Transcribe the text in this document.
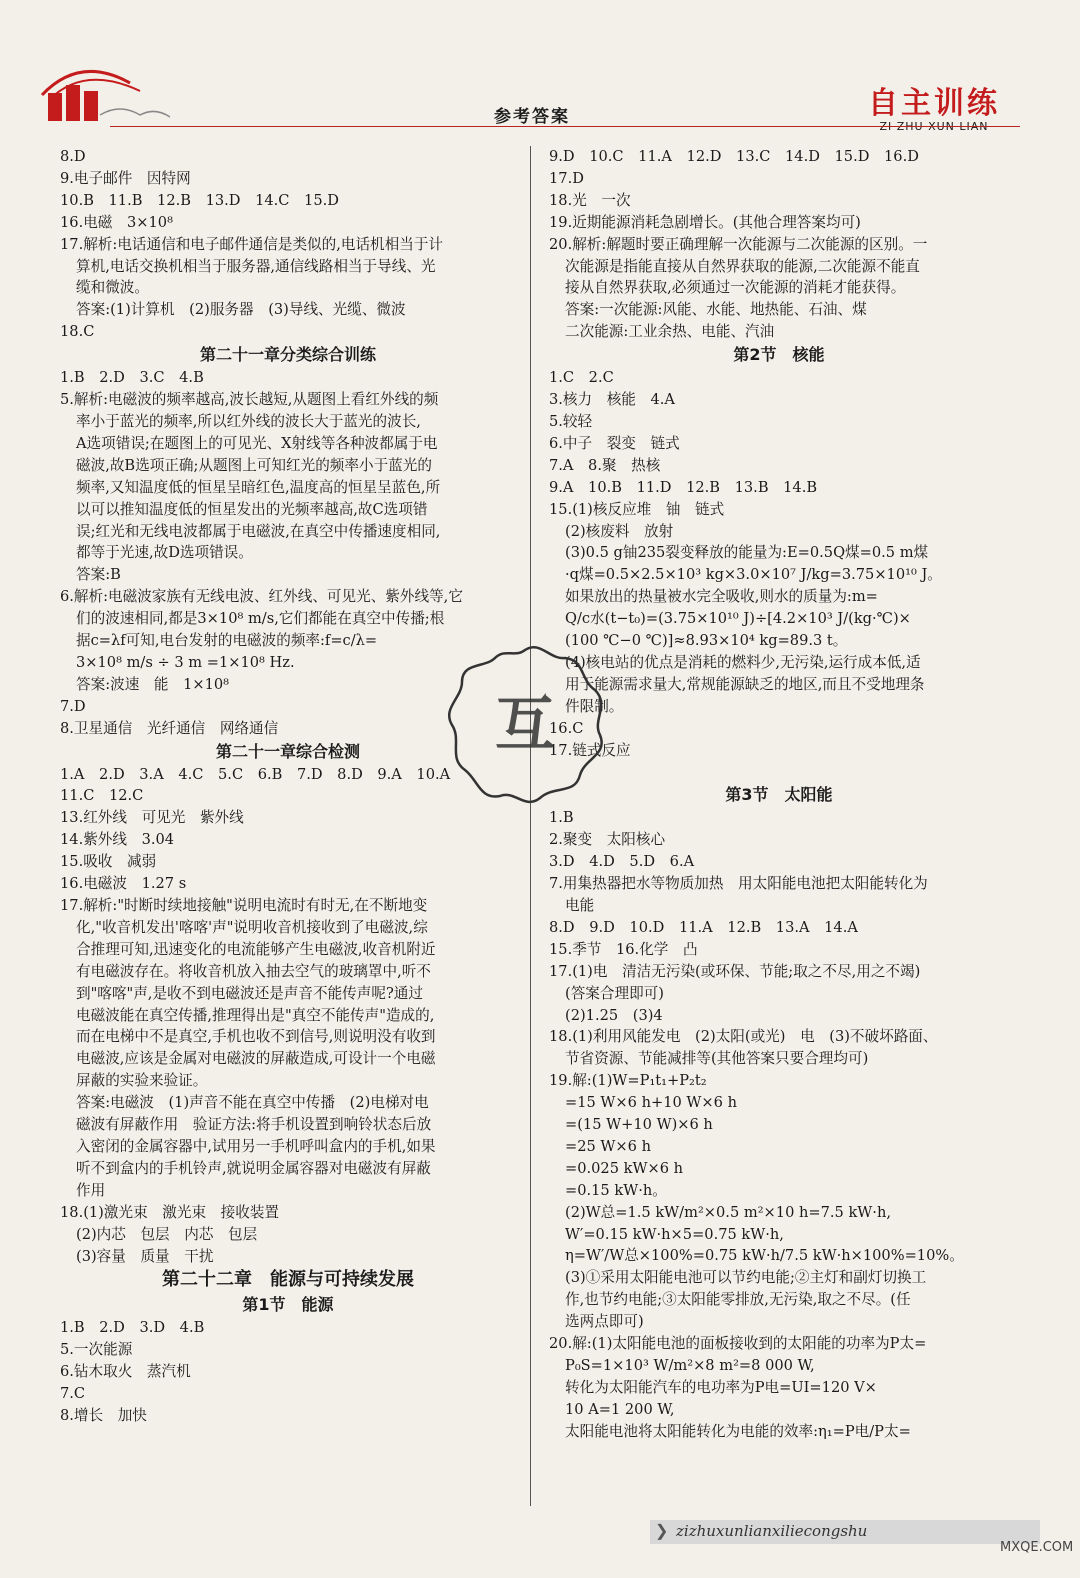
参考答案	自主训练
ZI ZHU XUN LIAN
8.D
9.电子邮件　因特网
10.B　11.B　12.B　13.D　14.C　15.D
16.电磁　3×10⁸
17.解析:电话通信和电子邮件通信是类似的,电话机相当于计
算机,电话交换机相当于服务器,通信线路相当于导线、光
缆和微波。
答案:(1)计算机　(2)服务器　(3)导线、光缆、微波
18.C
第二十一章分类综合训练
1.B　2.D　3.C　4.B
5.解析:电磁波的频率越高,波长越短,从题图上看红外线的频
率小于蓝光的频率,所以红外线的波长大于蓝光的波长,
A选项错误;在题图上的可见光、X射线等各种波都属于电
磁波,故B选项正确;从题图上可知红光的频率小于蓝光的
频率,又知温度低的恒星呈暗红色,温度高的恒星呈蓝色,所
以可以推知温度低的恒星发出的光频率越高,故C选项错
误;红光和无线电波都属于电磁波,在真空中传播速度相同,
都等于光速,故D选项错误。
答案:B
6.解析:电磁波家族有无线电波、红外线、可见光、紫外线等,它
们的波速相同,都是3×10⁸ m/s,它们都能在真空中传播;根
据c=λf可知,电台发射的电磁波的频率:f=c/λ=
3×10⁸ m/s ÷ 3 m =1×10⁸ Hz.
答案:波速　能　1×10⁸
7.D
8.卫星通信　光纤通信　网络通信
第二十一章综合检测
1.A　2.D　3.A　4.C　5.C　6.B　7.D　8.D　9.A　10.A
11.C　12.C
13.红外线　可见光　紫外线
14.紫外线　3.04
15.吸收　减弱
16.电磁波　1.27 s
17.解析:"时断时续地接触"说明电流时有时无,在不断地变
化,"收音机发出'喀喀'声"说明收音机接收到了电磁波,综
合推理可知,迅速变化的电流能够产生电磁波,收音机附近
有电磁波存在。将收音机放入抽去空气的玻璃罩中,听不
到"喀喀"声,是收不到电磁波还是声音不能传声呢?通过
电磁波能在真空传播,推理得出是"真空不能传声"造成的,
而在电梯中不是真空,手机也收不到信号,则说明没有收到
电磁波,应该是金属对电磁波的屏蔽造成,可设计一个电磁
屏蔽的实验来验证。
答案:电磁波　(1)声音不能在真空中传播　(2)电梯对电
磁波有屏蔽作用　验证方法:将手机设置到响铃状态后放
入密闭的金属容器中,试用另一手机呼叫盒内的手机,如果
听不到盒内的手机铃声,就说明金属容器对电磁波有屏蔽
作用
18.(1)激光束　激光束　接收装置
(2)内芯　包层　内芯　包层
(3)容量　质量　干扰
第二十二章　能源与可持续发展
第1节　能源
1.B　2.D　3.D　4.B
5.一次能源
6.钻木取火　蒸汽机
7.C
8.增长　加快
9.D　10.C　11.A　12.D　13.C　14.D　15.D　16.D
17.D
18.光　一次
19.近期能源消耗急剧增长。(其他合理答案均可)
20.解析:解题时要正确理解一次能源与二次能源的区别。一
次能源是指能直接从自然界获取的能源,二次能源不能直
接从自然界获取,必须通过一次能源的消耗才能获得。
答案:一次能源:风能、水能、地热能、石油、煤
二次能源:工业余热、电能、汽油
第2节　核能
1.C　2.C
3.核力　核能　4.A
5.较轻
6.中子　裂变　链式
7.A　8.聚　热核
9.A　10.B　11.D　12.B　13.B　14.B
15.(1)核反应堆　铀　链式
(2)核废料　放射
(3)0.5 g铀235裂变释放的能量为:E=0.5Q煤=0.5 m煤
·q煤=0.5×2.5×10³ kg×3.0×10⁷ J/kg=3.75×10¹⁰ J。
如果放出的热量被水完全吸收,则水的质量为:m=
Q/c水(t−t₀)=(3.75×10¹⁰ J)÷[4.2×10³ J/(kg·℃)×
(100 ℃−0 ℃)]≈8.93×10⁴ kg=89.3 t。
(4)核电站的优点是消耗的燃料少,无污染,运行成本低,适
用于能源需求量大,常规能源缺乏的地区,而且不受地理条
件限制。
16.C
17.链式反应
第3节　太阳能
1.B
2.聚变　太阳核心
3.D　4.D　5.D　6.A
7.用集热器把水等物质加热　用太阳能电池把太阳能转化为
电能
8.D　9.D　10.D　11.A　12.B　13.A　14.A
15.季节　16.化学　凸
17.(1)电　清洁无污染(或环保、节能;取之不尽,用之不竭)
(答案合理即可)
(2)1.25　(3)4
18.(1)利用风能发电　(2)太阳(或光)　电　(3)不破坏路面、
节省资源、节能减排等(其他答案只要合理均可)
19.解:(1)W=P₁t₁+P₂t₂
=15 W×6 h+10 W×6 h
=(15 W+10 W)×6 h
=25 W×6 h
=0.025 kW×6 h
=0.15 kW·h。
(2)W总=1.5 kW/m²×0.5 m²×10 h=7.5 kW·h,
W′=0.15 kW·h×5=0.75 kW·h,
η=W′/W总×100%=0.75 kW·h/7.5 kW·h×100%=10%。
(3)①采用太阳能电池可以节约电能;②主灯和副灯切换工
作,也节约电能;③太阳能零排放,无污染,取之不尽。(任
选两点即可)
20.解:(1)太阳能电池的面板接收到的太阳能的功率为P太=
P₀S=1×10³ W/m²×8 m²=8 000 W,
转化为太阳能汽车的电功率为P电=UI=120 V×
10 A=1 200 W,
太阳能电池将太阳能转化为电能的效率:η₁=P电/P太=
互
❯ zizhuxunlianxiliecongshu
MXQE.COM
